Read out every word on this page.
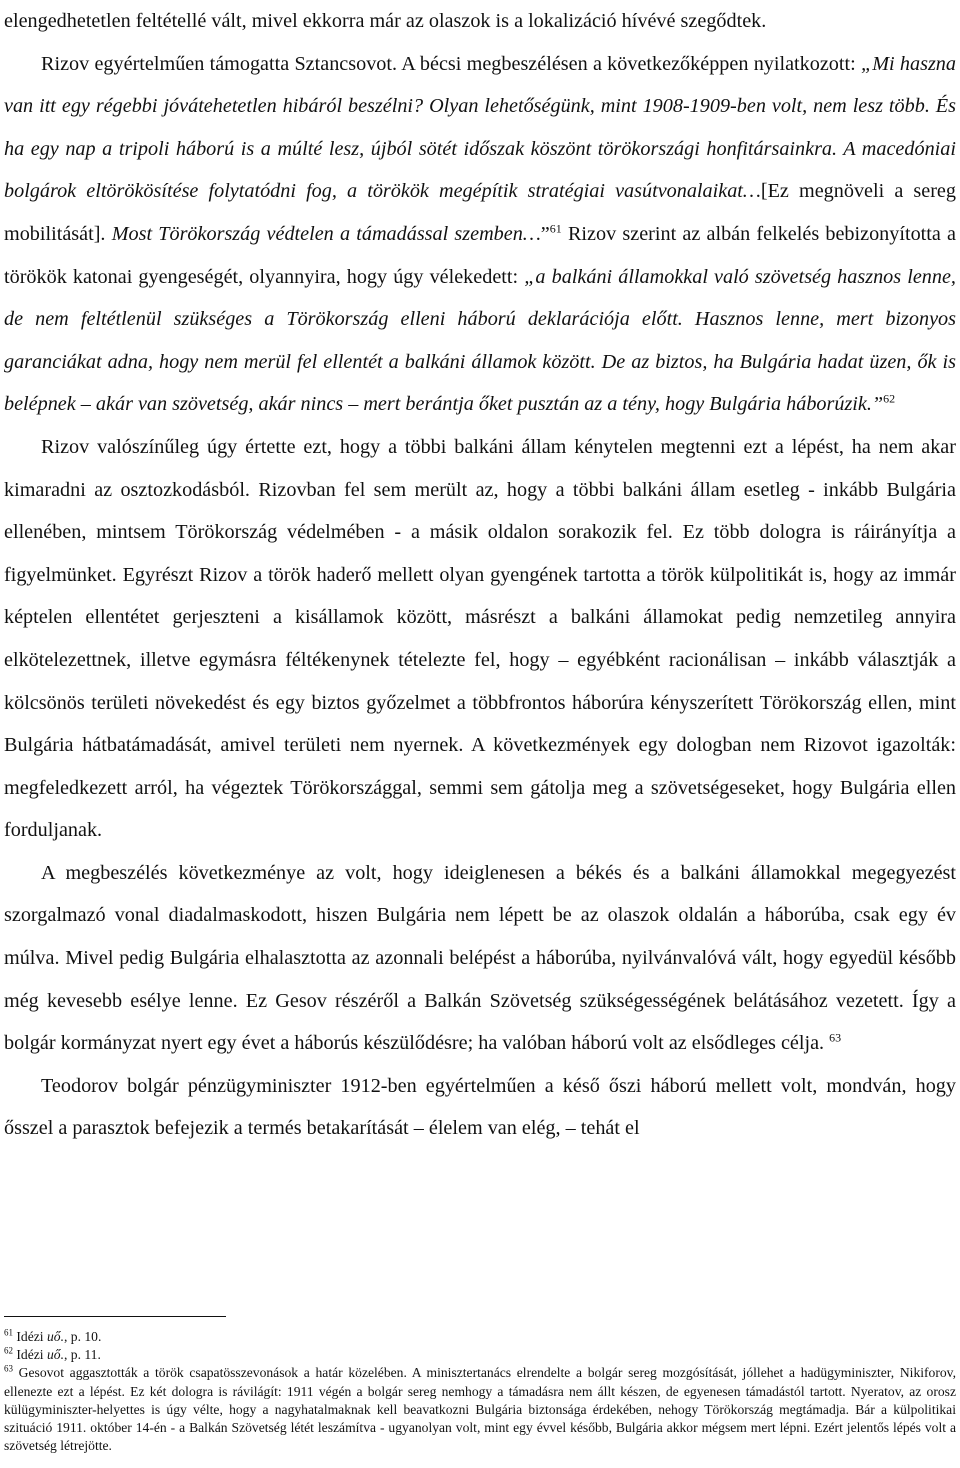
elengedhetetlen feltétellé vált, mivel ekkorra már az olaszok is a lokalizáció hívévé szegődtek.

Rizov egyértelműen támogatta Sztancsovot. A bécsi megbeszélésen a következőképpen nyilatkozott: „Mi haszna van itt egy régebbi jóvátehetetlen hibáról beszélni? Olyan lehetőségünk, mint 1908-1909-ben volt, nem lesz több. És ha egy nap a tripoli háború is a múlté lesz, újból sötét időszak köszönt törökországi honfitársainkra. A macedóniai bolgárok eltörökösítése folytatódni fog, a törökök megépítik stratégiai vasútvonalaikat…[Ez megnöveli a sereg mobilitását]. Most Törökország védtelen a támadással szemben…”$^{61}$ Rizov szerint az albán felkelés bebizonyította a törökök katonai gyengeségét, olyannyira, hogy úgy vélekedett: „a balkáni államokkal való szövetség hasznos lenne, de nem feltétlenül szükséges a Törökország elleni háború deklarációja előtt. Hasznos lenne, mert bizonyos garanciákat adna, hogy nem merül fel ellentét a balkáni államok között. De az biztos, ha Bulgária hadat üzen, ők is belépnek – akár van szövetség, akár nincs – mert berántja őket pusztán az a tény, hogy Bulgária háborúzik.”$^{62}$

Rizov valószínűleg úgy értette ezt, hogy a többi balkáni állam kénytelen megtenni ezt a lépést, ha nem akar kimaradni az osztozkodásból. Rizovban fel sem merült az, hogy a többi balkáni állam esetleg - inkább Bulgária ellenében, mintsem Törökország védelmében - a másik oldalon sorakozik fel. Ez több dologra is ráirányítja a figyelmünket. Egyrészt Rizov a török haderő mellett olyan gyengének tartotta a török külpolitikát is, hogy az immár képtelen ellentétet gerjeszteni a kisállamok között, másrészt a balkáni államokat pedig nemzetileg annyira elkötelezettnek, illetve egymásra féltékenynek tételezte fel, hogy – egyébként racionálisan – inkább választják a kölcsönös területi növekedést és egy biztos győzelmet a többfrontos háborúra kényszerített Törökország ellen, mint Bulgária hátbatámadását, amivel területi nem nyernek. A következmények egy dologban nem Rizovot igazolták: megfeledkezett arról, ha végeztek Törökországgal, semmi sem gátolja meg a szövetségeseket, hogy Bulgária ellen forduljanak.

A megbeszélés következménye az volt, hogy ideiglenesen a békés és a balkáni államokkal megegyezést szorgalmazó vonal diadalmaskodott, hiszen Bulgária nem lépett be az olaszok oldalán a háborúba, csak egy év múlva. Mivel pedig Bulgária elhalasztotta az azonnali belépést a háborúba, nyilvánvalóvá vált, hogy egyedül később még kevesebb esélye lenne. Ez Gesov részéről a Balkán Szövetség szükségességének belátásához vezetett. Így a bolgár kormányzat nyert egy évet a háborús készülődésre; ha valóban háború volt az elsődleges célja. $^{63}$

Teodorov bolgár pénzügyminiszter 1912-ben egyértelműen a késő őszi háború mellett volt, mondván, hogy ősszel a parasztok befejezik a termés betakarítását – élelem van elég, – tehát el

$^{61}$ Idézi uő., p. 10.

$^{62}$ Idézi uő., p. 11.

$^{63}$ Gesovot aggasztották a török csapatösszevonások a határ közelében. A minisztertanács elrendelte a bolgár sereg mozgósítását, jóllehet a hadügyminiszter, Nikiforov, ellenezte ezt a lépést. Ez két dologra is rávilágít: 1911 végén a bolgár sereg nemhogy a támadásra nem állt készen, de egyenesen támadástól tartott. Nyeratov, az orosz külügyminiszter-helyettes is úgy vélte, hogy a nagyhatalmaknak kell beavatkozni Bulgária biztonsága érdekében, nehogy Törökország megtámadja. Bár a külpolitikai szituáció 1911. október 14-én - a Balkán Szövetség létét leszámítva - ugyanolyan volt, mint egy évvel később, Bulgária akkor mégsem mert lépni. Ezért jelentős lépés volt a szövetség létrejötte.
